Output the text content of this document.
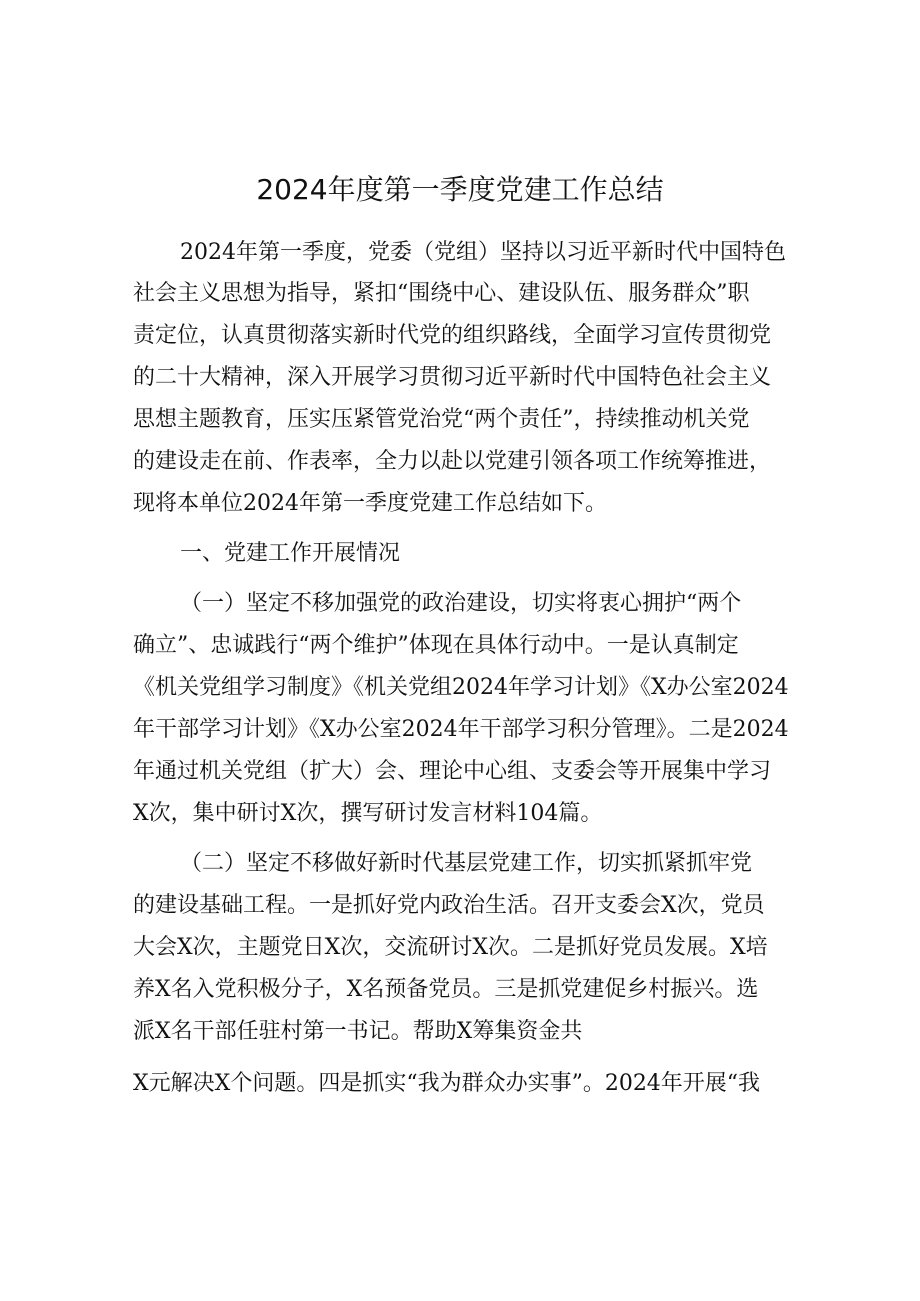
2024年度第一季度党建工作总结
2024年第一季度，党委（党组）坚持以习近平新时代中国特色
社会主义思想为指导，紧扣“围绕中心、建设队伍、服务群众”职
责定位，认真贯彻落实新时代党的组织路线，全面学习宣传贯彻党
的二十大精神，深入开展学习贯彻习近平新时代中国特色社会主义
思想主题教育，压实压紧管党治党“两个责任”，持续推动机关党
的建设走在前、作表率，全力以赴以党建引领各项工作统筹推进，
现将本单位2024年第一季度党建工作总结如下。
一、党建工作开展情况
（一）坚定不移加强党的政治建设，切实将衷心拥护“两个
确立”、忠诚践行“两个维护”体现在具体行动中。一是认真制定
《机关党组学习制度》《机关党组2024年学习计划》《X办公室2024
年干部学习计划》《X办公室2024年干部学习积分管理》。二是2024
年通过机关党组（扩大）会、理论中心组、支委会等开展集中学习
X次，集中研讨X次，撰写研讨发言材料104篇。
（二）坚定不移做好新时代基层党建工作，切实抓紧抓牢党
的建设基础工程。一是抓好党内政治生活。召开支委会X次，党员
大会X次，主题党日X次，交流研讨X次。二是抓好党员发展。X培
养X名入党积极分子，X名预备党员。三是抓党建促乡村振兴。选
派X名干部任驻村第一书记。帮助X筹集资金共
X元解决X个问题。四是抓实“我为群众办实事”。2024年开展“我
